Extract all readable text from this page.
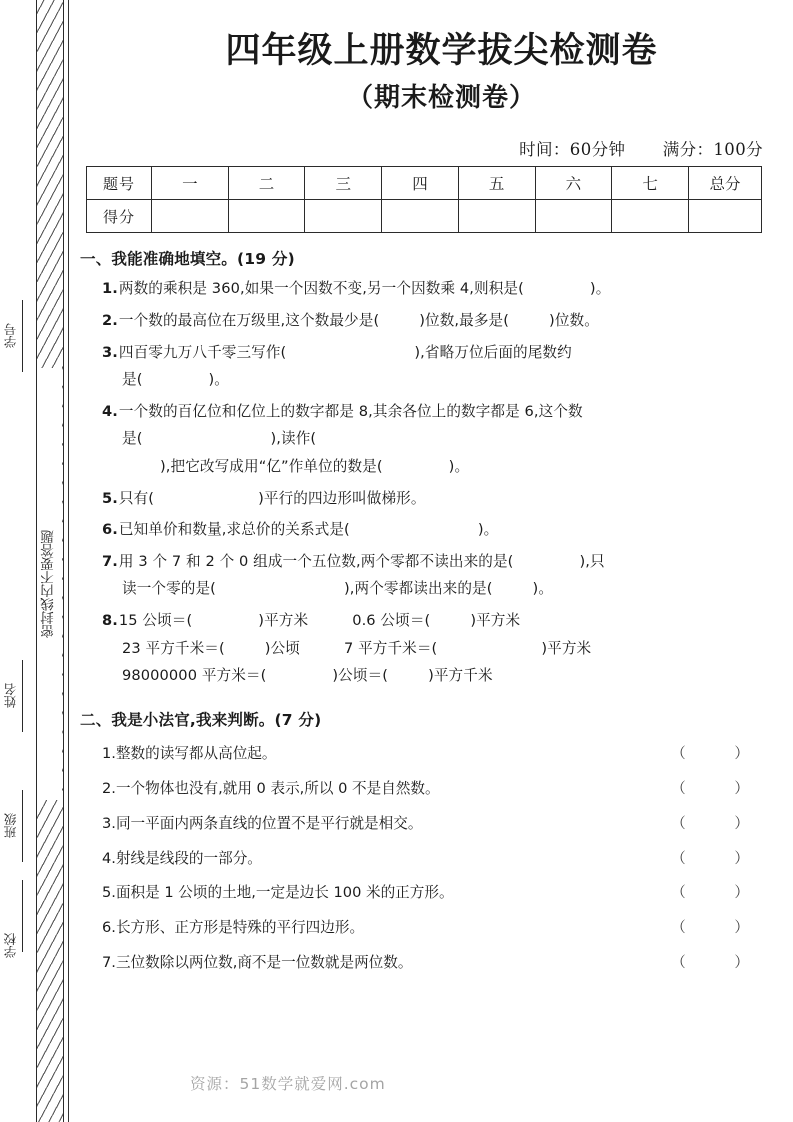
密封线内不要答题
学号
姓名
班级
学校
四年级上册数学拔尖检测卷
（期末检测卷）
时间：60分钟 满分：100分
题号	一	二	三	四	五	六	七	总分
得分								
一、我能准确地填空。(19 分)
1.两数的乘积是 360,如果一个因数不变,另一个因数乘 4,则积是(	)。
2.一个数的最高位在万级里,这个数最少是(	)位数,最多是(	)位数。
3.四百零九万八千零三写作(	),省略万位后面的尾数约
是(	)。
4.一个数的百亿位和亿位上的数字都是 8,其余各位上的数字都是 6,这个数
是(	),读作(
),把它改写成用“亿”作单位的数是(	)。
5.只有(	)平行的四边形叫做梯形。
6.已知单价和数量,求总价的关系式是(	)。
7.用 3 个 7 和 2 个 0 组成一个五位数,两个零都不读出来的是(	),只
读一个零的是(	),两个零都读出来的是(	)。
8.15 公顷＝(	)平方米	0.6 公顷＝(	)平方米
23 平方千米＝(	)公顷	7 平方千米＝(	)平方米
98000000 平方米＝(	)公顷＝(	)平方千米
二、我是小法官,我来判断。(7 分)
1.整数的读写都从高位起。	（ ）
2.一个物体也没有,就用 0 表示,所以 0 不是自然数。	（ ）
3.同一平面内两条直线的位置不是平行就是相交。	（ ）
4.射线是线段的一部分。	（ ）
5.面积是 1 公顷的土地,一定是边长 100 米的正方形。	（ ）
6.长方形、正方形是特殊的平行四边形。	（ ）
7.三位数除以两位数,商不是一位数就是两位数。	（ ）
资源：51数学就爱网.com
